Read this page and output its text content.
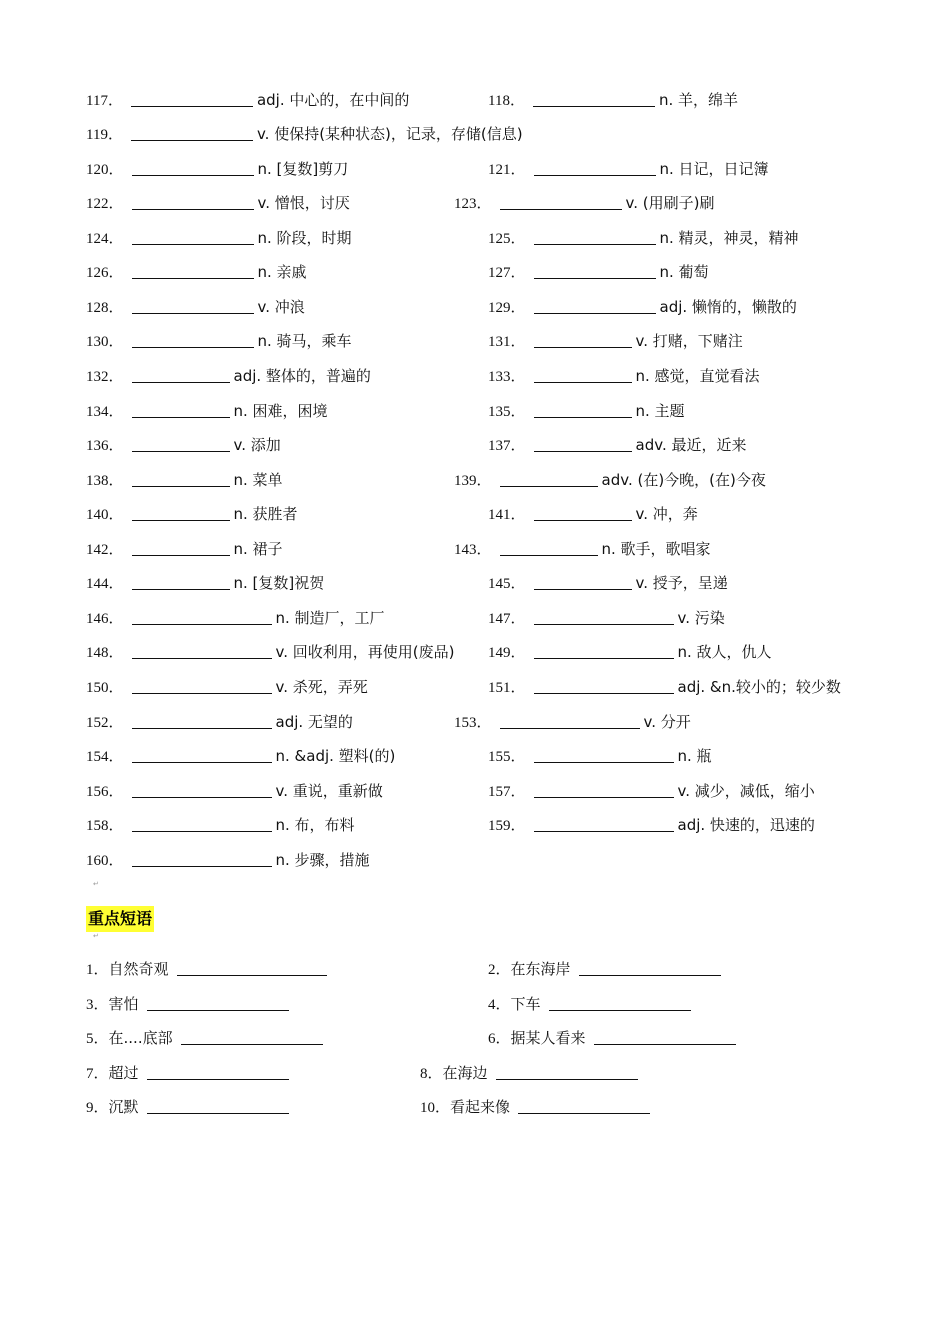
117．	adj. 中心的，在中间的	118．	n. 羊，绵羊
119．	v. 使保持(某种状态)，记录，存储(信息)
120．	n. [复数]剪刀	121．	n. 日记，日记簿
122．	v. 憎恨，讨厌	123．	v. (用刷子)刷
124．	n. 阶段，时期	125．	n. 精灵，神灵，精神
126．	n. 亲戚	127．	n. 葡萄
128．	v. 冲浪	129．	adj. 懒惰的，懒散的
130．	n. 骑马，乘车	131．	v. 打赌，下赌注
132．	adj. 整体的，普遍的	133．	n. 感觉，直觉看法
134．	n. 困难，困境	135．	n. 主题
136．	v. 添加	137．	adv. 最近，近来
138．	n. 菜单	139．	adv. (在)今晚，(在)今夜
140．	n. 获胜者	141．	v. 冲，奔
142．	n. 裙子	143．	n. 歌手，歌唱家
144．	n. [复数]祝贺	145．	v. 授予，呈递
146．	n. 制造厂，工厂	147．	v. 污染
148．	v. 回收利用，再使用(废品) 149．	n. 敌人，仇人
150．	v. 杀死，弄死	151．	adj. &n.较小的；较少数
152．	adj. 无望的	153．	v. 分开
154．	n. &adj. 塑料(的)	155．	n. 瓶
156．	v. 重说，重新做	157．	v. 减少，减低，缩小
158．	n. 布，布料	159．	adj. 快速的，迅速的
160．	n. 步骤，措施
重点短语
1．自然奇观	2．在东海岸
3．害怕	4．下车
5．在....底部	6．据某人看来
7．超过	8．在海边
9．沉默	10．看起来像
↵
↵
